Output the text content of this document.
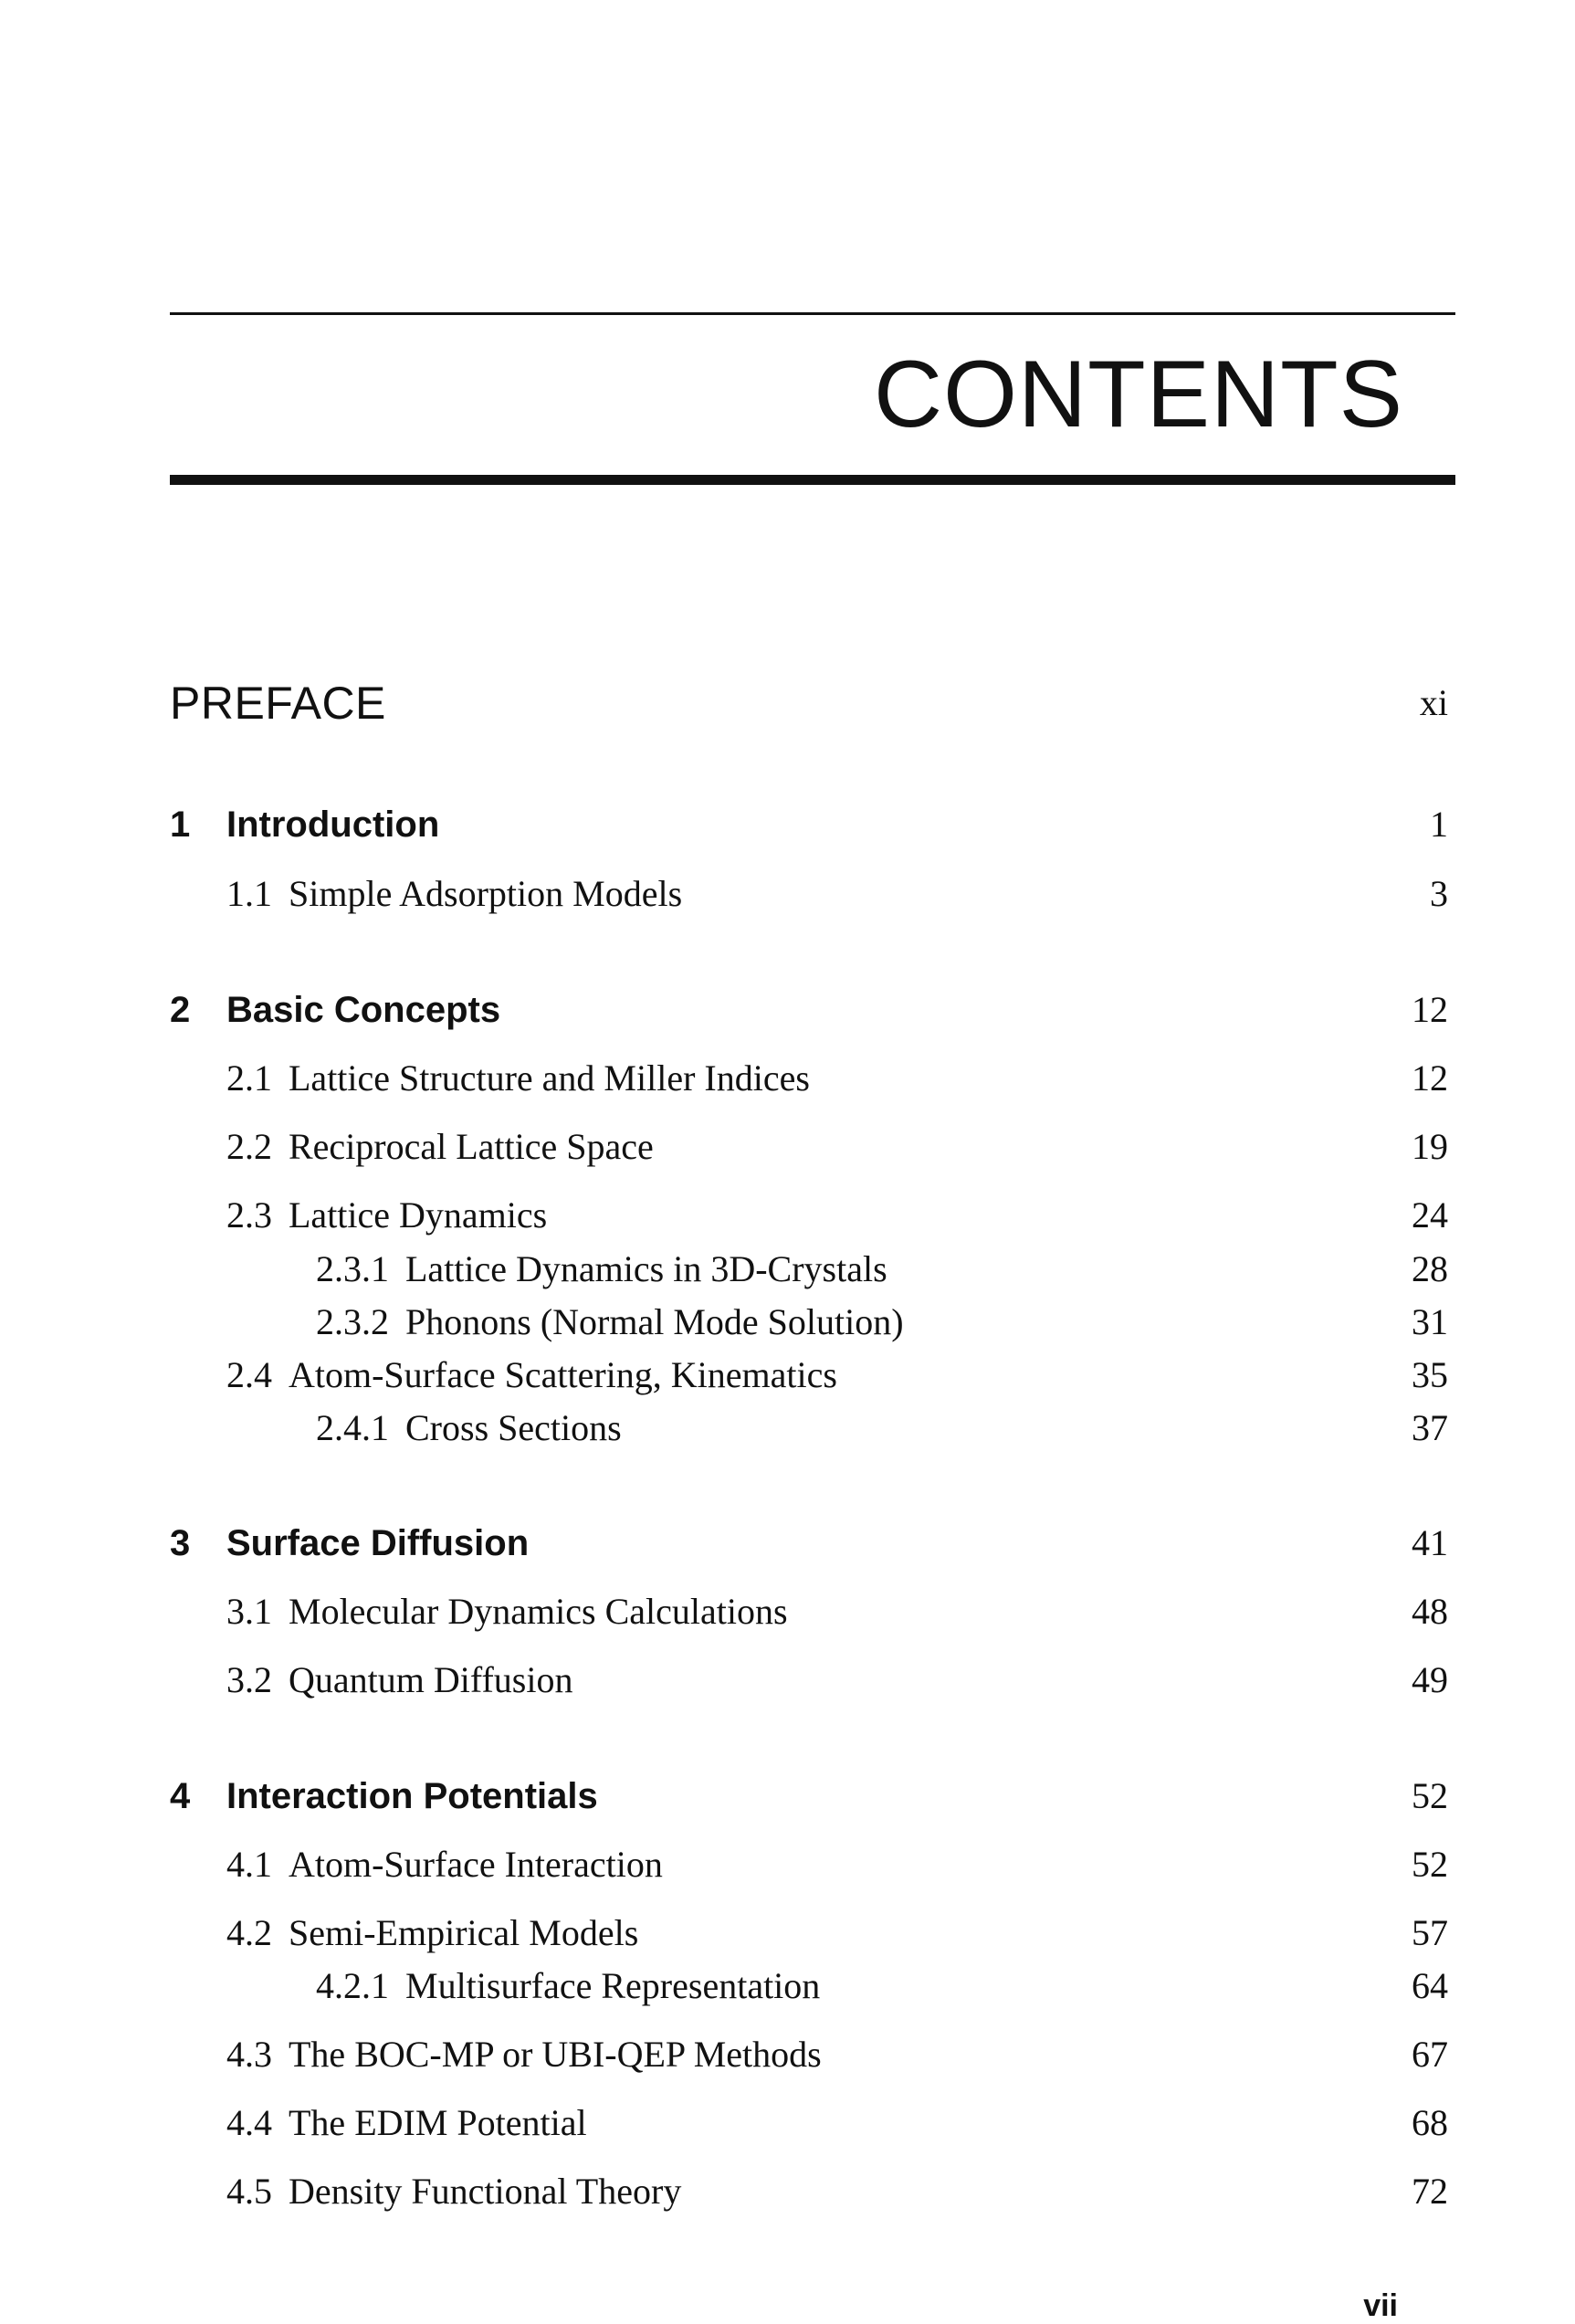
CONTENTS
PREFACE	xi
1 Introduction	1
1.1 Simple Adsorption Models	3
2 Basic Concepts	12
2.1 Lattice Structure and Miller Indices	12
2.2 Reciprocal Lattice Space	19
2.3 Lattice Dynamics	24
2.3.1 Lattice Dynamics in 3D-Crystals	28
2.3.2 Phonons (Normal Mode Solution)	31
2.4 Atom-Surface Scattering, Kinematics	35
2.4.1 Cross Sections	37
3 Surface Diffusion	41
3.1 Molecular Dynamics Calculations	48
3.2 Quantum Diffusion	49
4 Interaction Potentials	52
4.1 Atom-Surface Interaction	52
4.2 Semi-Empirical Models	57
4.2.1 Multisurface Representation	64
4.3 The BOC-MP or UBI-QEP Methods	67
4.4 The EDIM Potential	68
4.5 Density Functional Theory	72
vii
